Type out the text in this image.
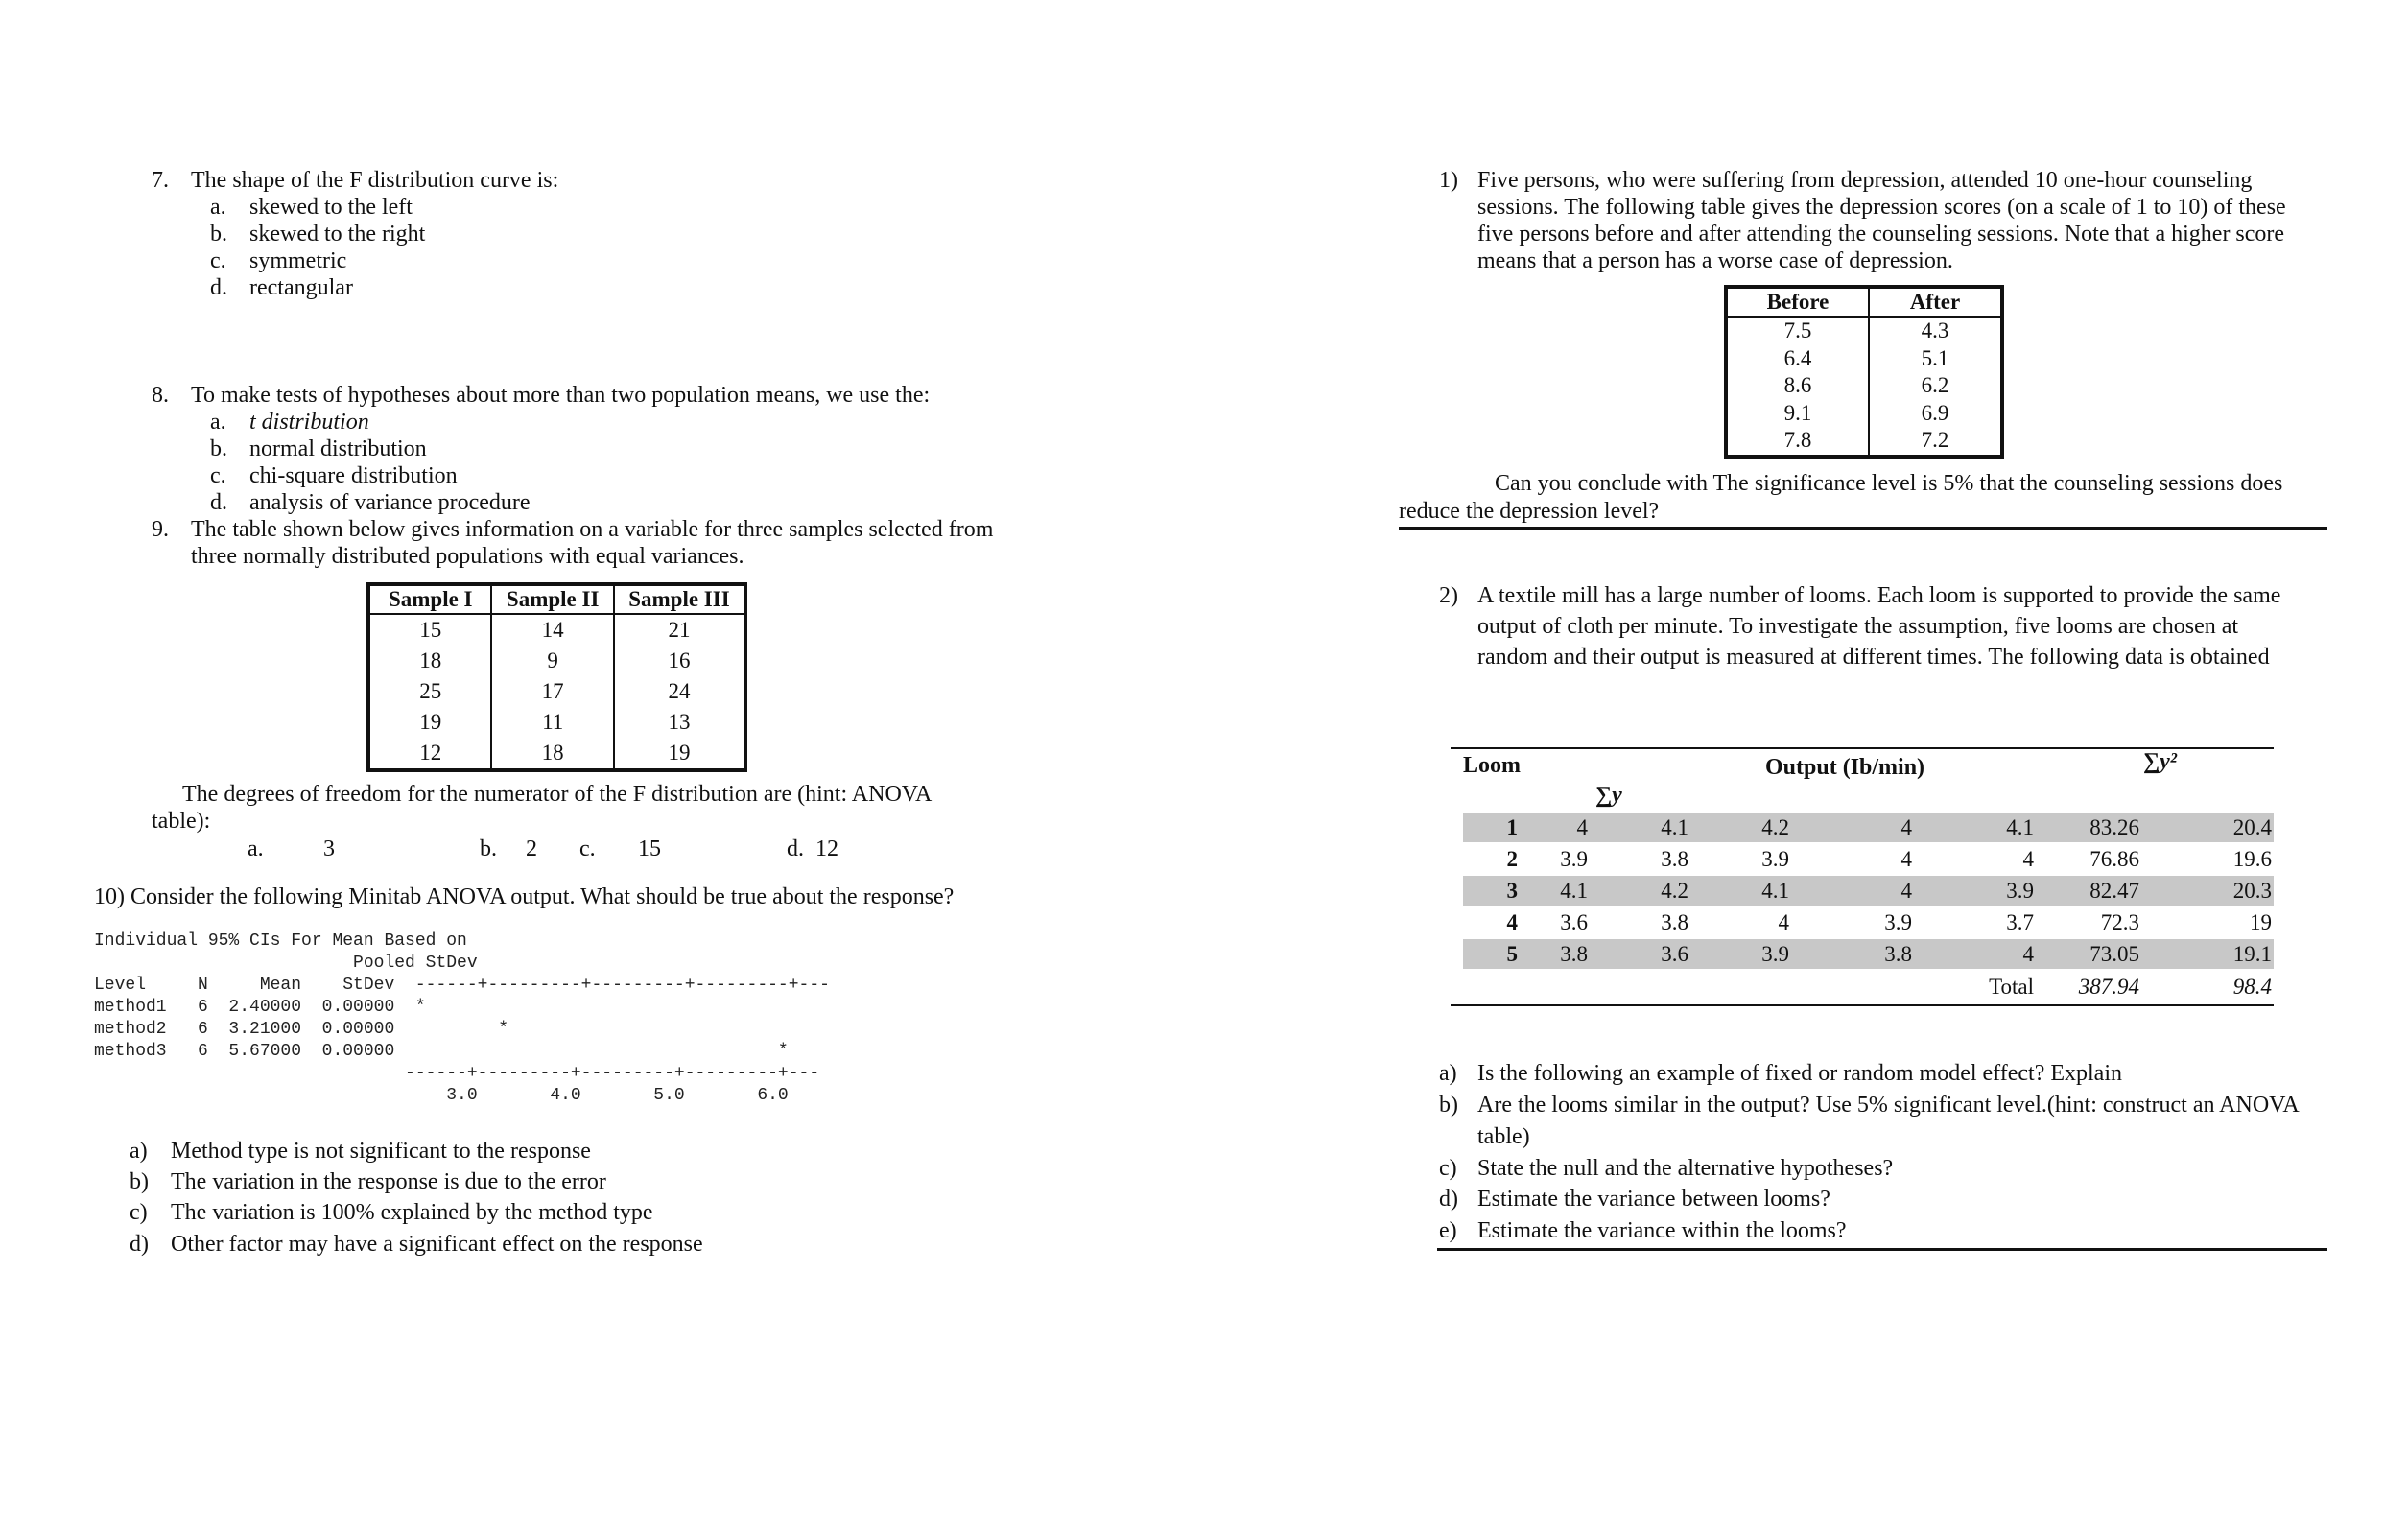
7. The shape of the F distribution curve is:
a. skewed to the left
b. skewed to the right
c. symmetric
d. rectangular
8. To make tests of hypotheses about more than two population means, we use the:
a. t distribution
b. normal distribution
c. chi-square distribution
d. analysis of variance procedure
9. The table shown below gives information on a variable for three samples selected from
three normally distributed populations with equal variances.
Sample I	Sample II	Sample III
15	14	21
18	9	16
25	17	24
19	11	13
12	18	19
The degrees of freedom for the numerator of the F distribution are (hint: ANOVA
table):
a.	3	b. 2 c. 15	d. 12
10) Consider the following Minitab ANOVA output. What should be true about the response?
Individual 95% CIs For Mean Based on
Pooled StDev
Level     N     Mean    StDev  ------+---------+---------+---------+---
method1   6  2.40000  0.00000  *
method2   6  3.21000  0.00000          *
method3   6  5.67000  0.00000                                     *
------+---------+---------+---------+---
3.0       4.0       5.0       6.0
a) Method type is not significant to the response
b) The variation in the response is due to the error
c) The variation is 100% explained by the method type
d) Other factor may have a significant effect on the response
1) Five persons, who were suffering from depression, attended 10 one-hour counseling
sessions. The following table gives the depression scores (on a scale of 1 to 10) of these
five persons before and after attending the counseling sessions. Note that a higher score
means that a person has a worse case of depression.
Before	After
7.5	4.3
6.4	5.1
8.6	6.2
9.1	6.9
7.8	7.2
Can you conclude with The significance level is 5% that the counseling sessions does
reduce the depression level?
2) A textile mill has a large number of looms. Each loom is supported to provide the same
output of cloth per minute. To investigate the assumption, five looms are chosen at
random and their output is measured at different times. The following data is obtained
Loom	Output (Ib/min)	∑y²
∑y
1	4	4.1	4.2	4	4.1	83.26	20.4
2 3.9	3.8	3.9	4	4	76.86	19.6
3 4.1	4.2	4.1	4	3.9	82.47	20.3
4 3.6	3.8	4	3.9	3.7	72.3	19
5 3.8	3.6	3.9	3.8	4	73.05	19.1
Total 387.94	98.4
a) Is the following an example of fixed or random model effect? Explain
b) Are the looms similar in the output? Use 5% significant level.(hint: construct an ANOVA
table)
c) State the null and the alternative hypotheses?
d) Estimate the variance between looms?
e) Estimate the variance within the looms?
